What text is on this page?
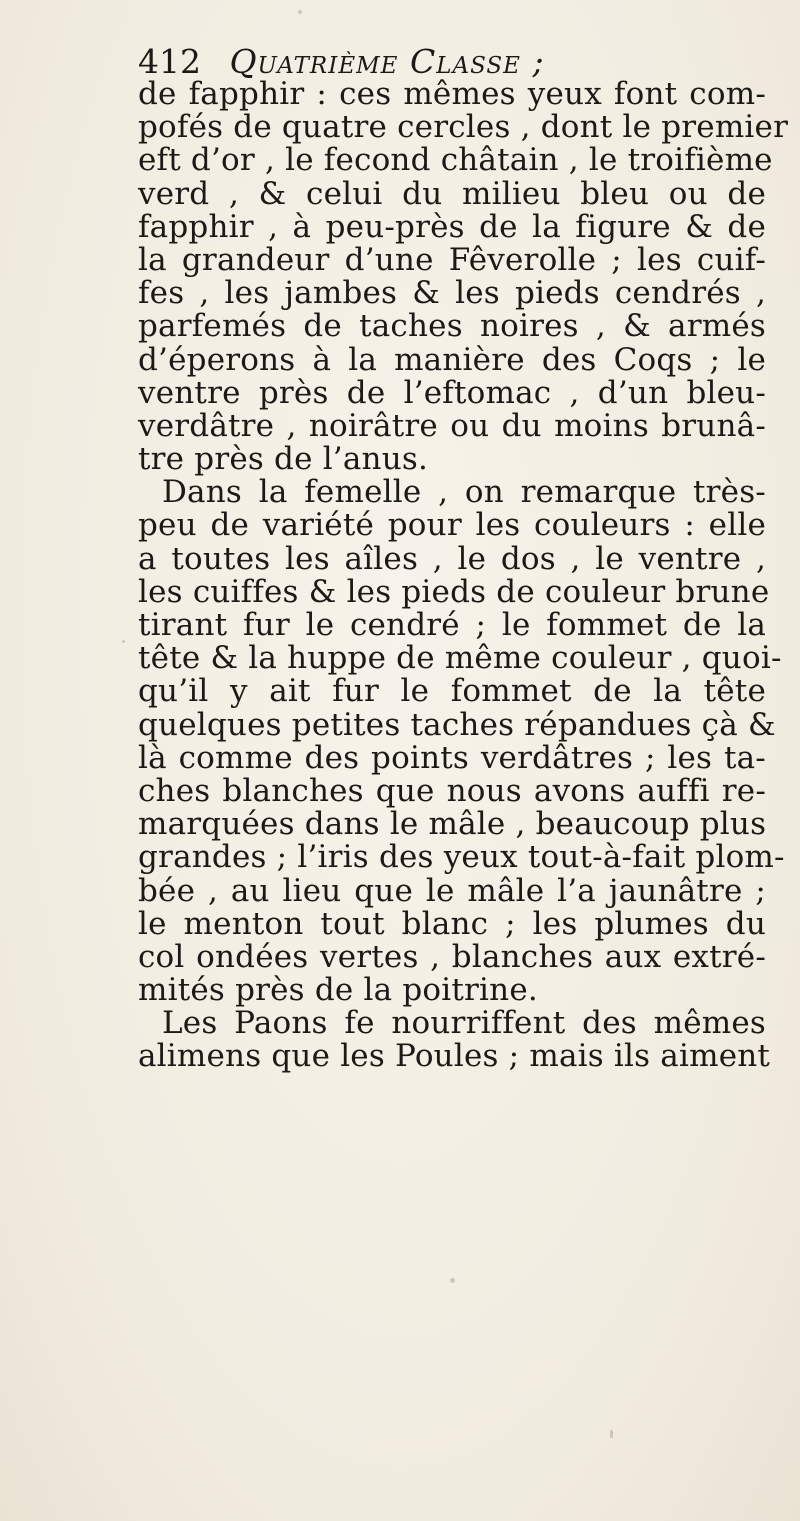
412 Quatrième Classe ;
de fapphir : ces mêmes yeux font com-
pofés de quatre cercles , dont le premier
eft d’or , le fecond châtain , le troifième
verd , & celui du milieu bleu ou de
fapphir , à peu-près de la figure & de
la grandeur d’une Fêverolle ; les cuif-
fes , les jambes & les pieds cendrés ,
parfemés de taches noires , & armés
d’éperons à la manière des Coqs ; le
ventre près de l’eftomac , d’un bleu-
verdâtre , noirâtre ou du moins brunâ-
tre près de l’anus.
Dans la femelle , on remarque très-
peu de variété pour les couleurs : elle
a toutes les aîles , le dos , le ventre ,
les cuiffes & les pieds de couleur brune
tirant fur le cendré ; le fommet de la
tête & la huppe de même couleur , quoi-
qu’il y ait fur le fommet de la tête
quelques petites taches répandues çà &
là comme des points verdâtres ; les ta-
ches blanches que nous avons auffi re-
marquées dans le mâle , beaucoup plus
grandes ; l’iris des yeux tout-à-fait plom-
bée , au lieu que le mâle l’a jaunâtre ;
le menton tout blanc ; les plumes du
col ondées vertes , blanches aux extré-
mités près de la poitrine.
Les Paons fe nourriffent des mêmes
alimens que les Poules ; mais ils aiment
